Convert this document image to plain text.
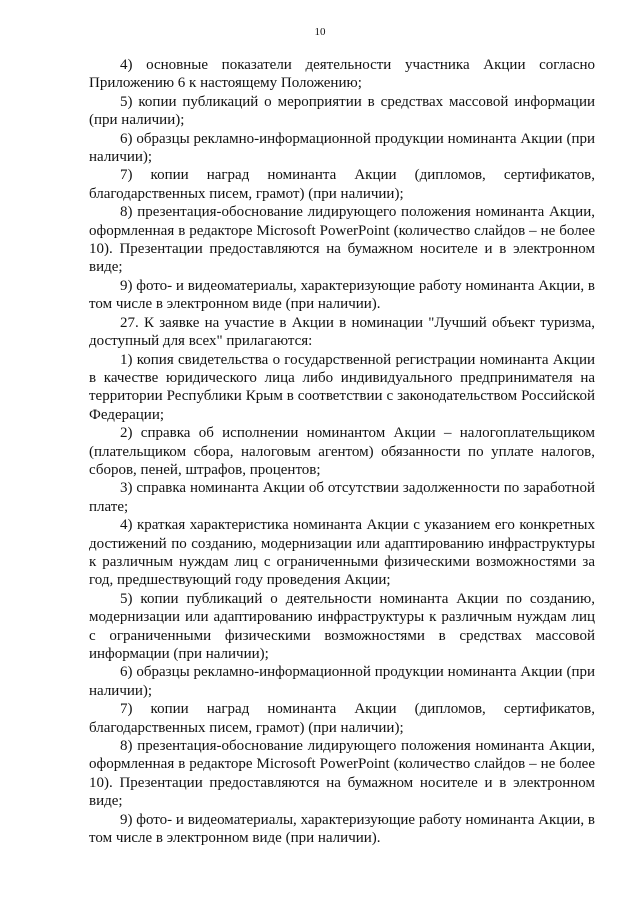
10

4) основные показатели деятельности участника Акции согласно Приложению 6 к настоящему Положению;

5) копии публикаций о мероприятии в средствах массовой информации (при наличии);

6) образцы рекламно-информационной продукции номинанта Акции (при наличии);

7) копии наград номинанта Акции (дипломов, сертификатов, благодарственных писем, грамот) (при наличии);

8) презентация-обоснование лидирующего положения номинанта Акции, оформленная в редакторе Microsoft PowerPoint (количество слайдов – не более 10). Презентации предоставляются на бумажном носителе и в электронном виде;

9) фото- и видеоматериалы, характеризующие работу номинанта Акции, в том числе в электронном виде (при наличии).

27. К заявке на участие в Акции в номинации "Лучший объект туризма, доступный для всех" прилагаются:

1) копия свидетельства о государственной регистрации номинанта Акции в качестве юридического лица либо индивидуального предпринимателя на территории Республики Крым в соответствии с законодательством Российской Федерации;

2) справка об исполнении номинантом Акции – налогоплательщиком (плательщиком сбора, налоговым агентом) обязанности по уплате налогов, сборов, пеней, штрафов, процентов;

3) справка номинанта Акции об отсутствии задолженности по заработной плате;

4) краткая характеристика номинанта Акции с указанием его конкретных достижений по созданию, модернизации или адаптированию инфраструктуры к различным нуждам лиц с ограниченными физическими возможностями за год, предшествующий году проведения Акции;

5) копии публикаций о деятельности номинанта Акции по созданию, модернизации или адаптированию инфраструктуры к различным нуждам лиц с ограниченными физическими возможностями в средствах массовой информации (при наличии);

6) образцы рекламно-информационной продукции номинанта Акции (при наличии);

7) копии наград номинанта Акции (дипломов, сертификатов, благодарственных писем, грамот) (при наличии);

8) презентация-обоснование лидирующего положения номинанта Акции, оформленная в редакторе Microsoft PowerPoint (количество слайдов – не более 10). Презентации предоставляются на бумажном носителе и в электронном виде;

9) фото- и видеоматериалы, характеризующие работу номинанта Акции, в том числе в электронном виде (при наличии).
